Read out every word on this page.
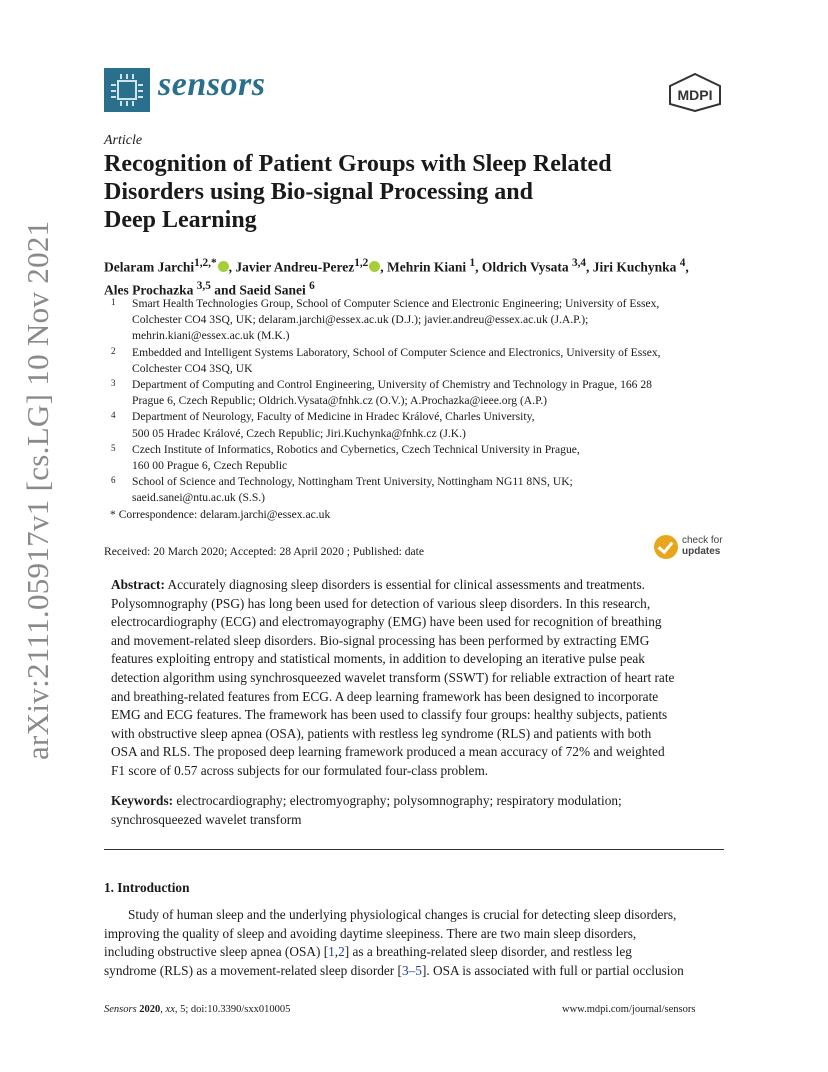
arXiv:2111.05917v1 [cs.LG] 10 Nov 2021
sensors	MDPI
Article
Recognition of Patient Groups with Sleep Related
Disorders using Bio-signal Processing and
Deep Learning
Delaram Jarchi$^{1,2,*}$ , Javier Andreu-Perez$^{1,2}$ , Mehrin Kiani $^1$, Oldrich Vysata $^{3,4}$, Jiri Kuchynka $^4$,
Ales Prochazka $^{3,5}$ and Saeid Sanei $^6$
1 Smart Health Technologies Group, School of Computer Science and Electronic Engineering; University of Essex,
Colchester CO4 3SQ, UK; delaram.jarchi@essex.ac.uk (D.J.); javier.andreu@essex.ac.uk (J.A.P.);
mehrin.kiani@essex.ac.uk (M.K.)
2 Embedded and Intelligent Systems Laboratory, School of Computer Science and Electronics, University of Essex,
Colchester CO4 3SQ, UK
3 Department of Computing and Control Engineering, University of Chemistry and Technology in Prague, 166 28
Prague 6, Czech Republic; Oldrich.Vysata@fnhk.cz (O.V.); A.Prochazka@ieee.org (A.P.)
4 Department of Neurology, Faculty of Medicine in Hradec Králové, Charles University,
500 05 Hradec Králové, Czech Republic; Jiri.Kuchynka@fnhk.cz (J.K.)
5 Czech Institute of Informatics, Robotics and Cybernetics, Czech Technical University in Prague,
160 00 Prague 6, Czech Republic
6 School of Science and Technology, Nottingham Trent University, Nottingham NG11 8NS, UK;
saeid.sanei@ntu.ac.uk (S.S.)
* Correspondence: delaram.jarchi@essex.ac.uk
Received: 20 March 2020; Accepted: 28 April 2020 ; Published: date
check for
updates
Abstract: Accurately diagnosing sleep disorders is essential for clinical assessments and treatments.
Polysomnography (PSG) has long been used for detection of various sleep disorders. In this research,
electrocardiography (ECG) and electromayography (EMG) have been used for recognition of breathing
and movement-related sleep disorders. Bio-signal processing has been performed by extracting EMG
features exploiting entropy and statistical moments, in addition to developing an iterative pulse peak
detection algorithm using synchrosqueezed wavelet transform (SSWT) for reliable extraction of heart rate
and breathing-related features from ECG. A deep learning framework has been designed to incorporate
EMG and ECG features. The framework has been used to classify four groups: healthy subjects, patients
with obstructive sleep apnea (OSA), patients with restless leg syndrome (RLS) and patients with both
OSA and RLS. The proposed deep learning framework produced a mean accuracy of 72% and weighted
F1 score of 0.57 across subjects for our formulated four-class problem.
Keywords: electrocardiography; electromyography; polysomnography; respiratory modulation;
synchrosqueezed wavelet transform
1. Introduction
Study of human sleep and the underlying physiological changes is crucial for detecting sleep disorders,
improving the quality of sleep and avoiding daytime sleepiness. There are two main sleep disorders,
including obstructive sleep apnea (OSA) [1,2] as a breathing-related sleep disorder, and restless leg
syndrome (RLS) as a movement-related sleep disorder [3–5]. OSA is associated with full or partial occlusion
Sensors 2020, xx, 5; doi:10.3390/sxx010005	www.mdpi.com/journal/sensors
